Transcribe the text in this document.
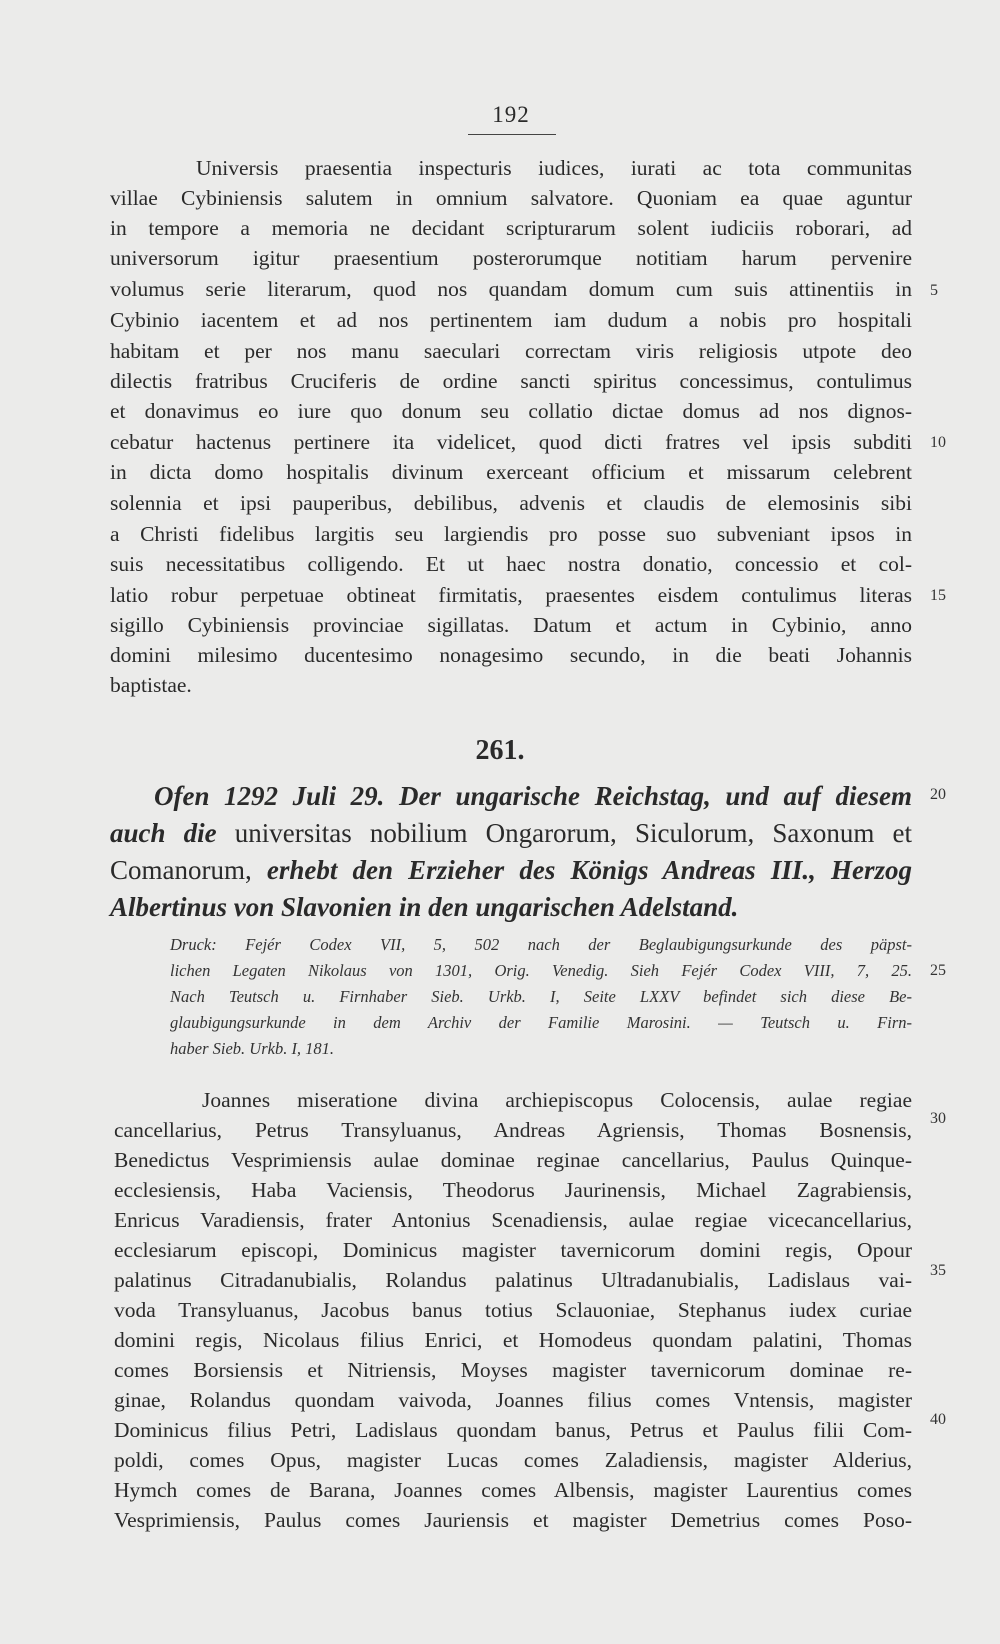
192
Universis praesentia inspecturis iudices, iurati ac tota communitas
villae Cybiniensis salutem in omnium salvatore. Quoniam ea quae aguntur
in tempore a memoria ne decidant scripturarum solent iudiciis roborari, ad
universorum igitur praesentium posterorumque notitiam harum pervenire
volumus serie literarum, quod nos quandam domum cum suis attinentiis in
Cybinio iacentem et ad nos pertinentem iam dudum a nobis pro hospitali
habitam et per nos manu saeculari correctam viris religiosis utpote deo
dilectis fratribus Cruciferis de ordine sancti spiritus concessimus, contulimus
et donavimus eo iure quo donum seu collatio dictae domus ad nos dignos-
cebatur hactenus pertinere ita videlicet, quod dicti fratres vel ipsis subditi
in dicta domo hospitalis divinum exerceant officium et missarum celebrent
solennia et ipsi pauperibus, debilibus, advenis et claudis de elemosinis sibi
a Christi fidelibus largitis seu largiendis pro posse suo subveniant ipsos in
suis necessitatibus colligendo. Et ut haec nostra donatio, concessio et col-
latio robur perpetuae obtineat firmitatis, praesentes eisdem contulimus literas
sigillo Cybiniensis provinciae sigillatas. Datum et actum in Cybinio, anno
domini milesimo ducentesimo nonagesimo secundo, in die beati Johannis
baptistae.
261.
Ofen 1292 Juli 29. Der ungarische Reichstag, und auf diesem
auch die universitas nobilium Ongarorum, Siculorum, Saxonum et
Comanorum, erhebt den Erzieher des Königs Andreas III., Herzog
Albertinus von Slavonien in den ungarischen Adelstand.
Druck: Fejér Codex VII, 5, 502 nach der Beglaubigungsurkunde des päpst-
lichen Legaten Nikolaus von 1301, Orig. Venedig. Sieh Fejér Codex VIII, 7, 25.
Nach Teutsch u. Firnhaber Sieb. Urkb. I, Seite LXXV befindet sich diese Be-
glaubigungsurkunde in dem Archiv der Familie Marosini. — Teutsch u. Firn-
haber Sieb. Urkb. I, 181.
Joannes miseratione divina archiepiscopus Colocensis, aulae regiae
cancellarius, Petrus Transyluanus, Andreas Agriensis, Thomas Bosnensis,
Benedictus Vesprimiensis aulae dominae reginae cancellarius, Paulus Quinque-
ecclesiensis, Haba Vaciensis, Theodorus Jaurinensis, Michael Zagrabiensis,
Enricus Varadiensis, frater Antonius Scenadiensis, aulae regiae vicecancellarius,
ecclesiarum episcopi, Dominicus magister tavernicorum domini regis, Opour
palatinus Citradanubialis, Rolandus palatinus Ultradanubialis, Ladislaus vai-
voda Transyluanus, Jacobus banus totius Sclauoniae, Stephanus iudex curiae
domini regis, Nicolaus filius Enrici, et Homodeus quondam palatini, Thomas
comes Borsiensis et Nitriensis, Moyses magister tavernicorum dominae re-
ginae, Rolandus quondam vaivoda, Joannes filius comes Vntensis, magister
Dominicus filius Petri, Ladislaus quondam banus, Petrus et Paulus filii Com-
poldi, comes Opus, magister Lucas comes Zaladiensis, magister Alderius,
Hymch comes de Barana, Joannes comes Albensis, magister Laurentius comes
Vesprimiensis, Paulus comes Jauriensis et magister Demetrius comes Poso-
5
10
15
20
25
30
35
40
